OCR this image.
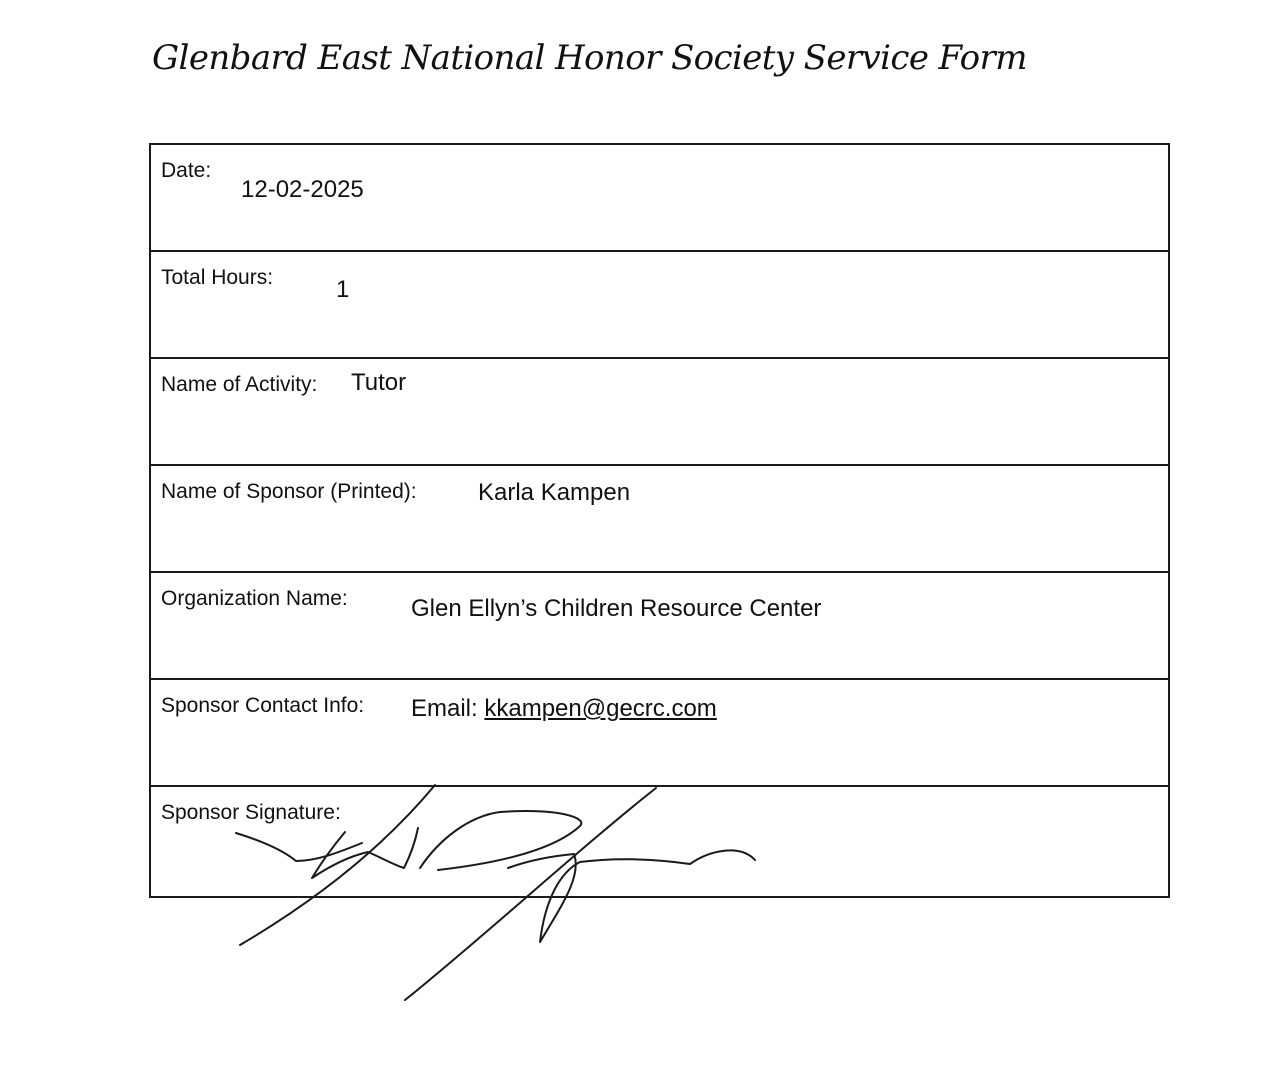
Glenbard East National Honor Society Service Form
Date:
12-02-2025
Total Hours:	1
Name of Activity: Tutor
Name of Sponsor (Printed):	Karla Kampen
Organization Name:	Glen Ellyn’s Children Resource Center
Sponsor Contact Info: Email: kkampen@gecrc.com
Sponsor Signature:
